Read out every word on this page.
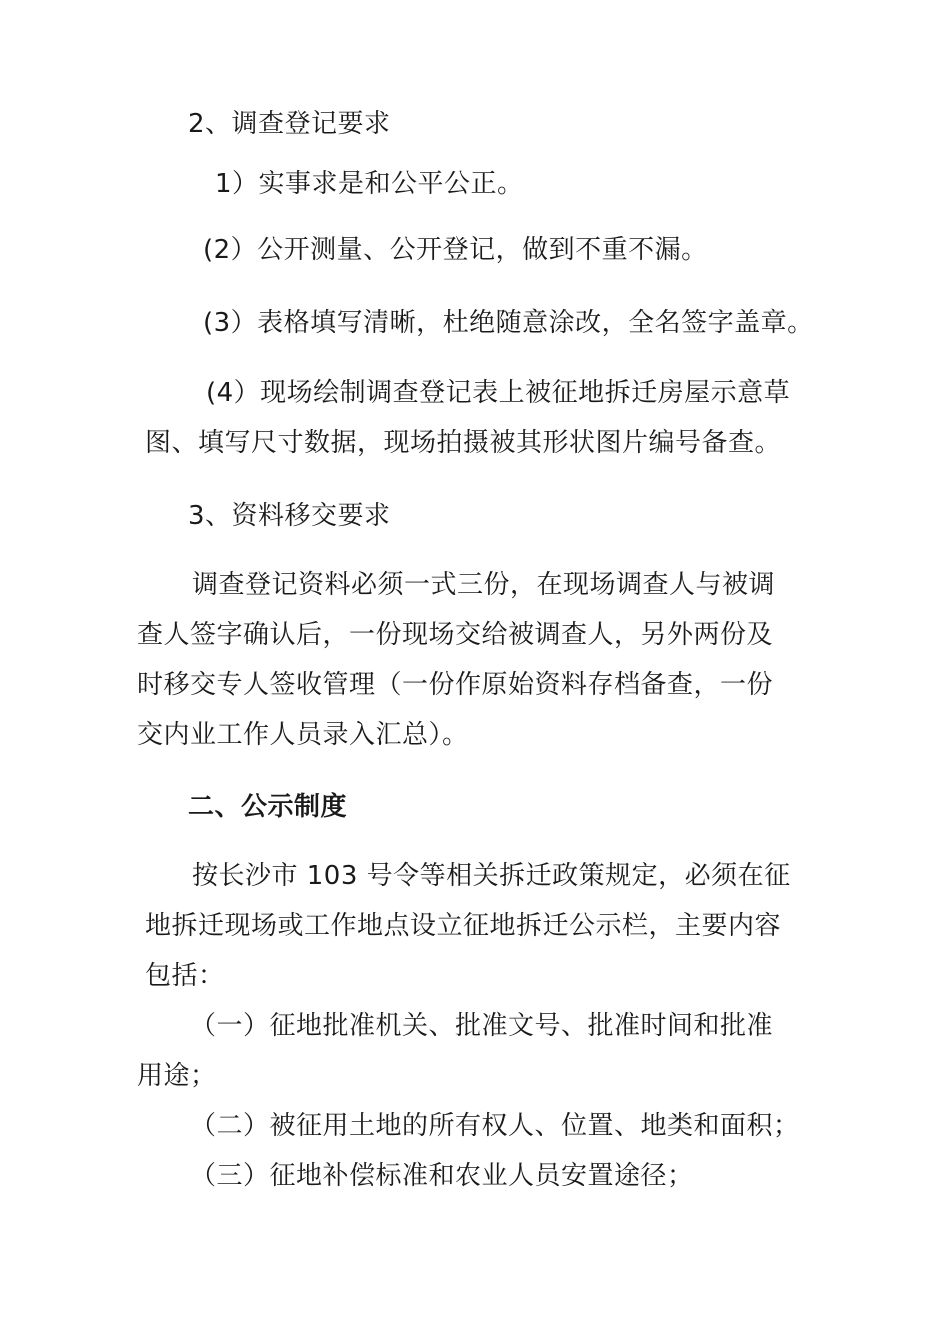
2、调查登记要求
1）实事求是和公平公正。
(2）公开测量、公开登记，做到不重不漏。
(3）表格填写清晰，杜绝随意涂改，全名签字盖章。
(4）现场绘制调查登记表上被征地拆迁房屋示意草
图、填写尺寸数据，现场拍摄被其形状图片编号备查。
3、资料移交要求
调查登记资料必须一式三份，在现场调查人与被调
查人签字确认后，一份现场交给被调查人，另外两份及
时移交专人签收管理（一份作原始资料存档备查，一份
交内业工作人员录入汇总）。
二、公示制度
按长沙市 103 号令等相关拆迁政策规定，必须在征
地拆迁现场或工作地点设立征地拆迁公示栏，主要内容
包括：
（一）征地批准机关、批准文号、批准时间和批准
用途；
（二）被征用土地的所有权人、位置、地类和面积；
（三）征地补偿标准和农业人员安置途径；
